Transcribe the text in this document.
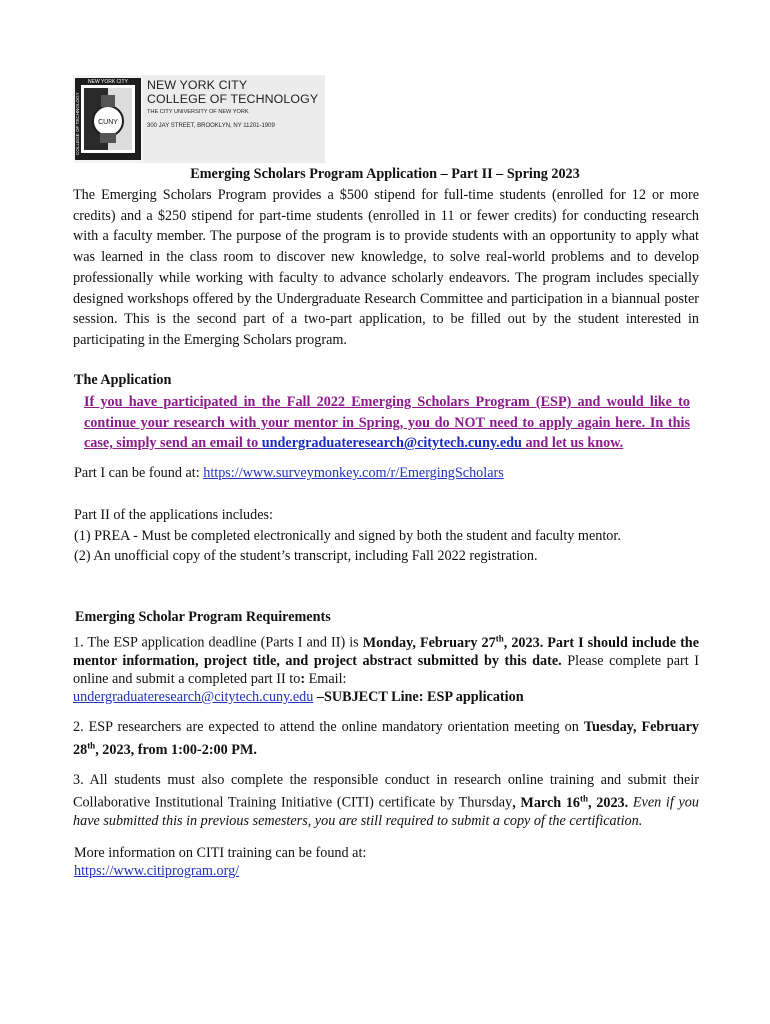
CUNY
NEW YORK CITY
COLLEGE OF TECHNOLOGY
NEW YORK CITY
COLLEGE OF TECHNOLOGY
THE CITY UNIVERSITY OF NEW YORK
300 JAY STREET, BROOKLYN, NY 11201-1909
Emerging Scholars Program Application – Part II – Spring 2023
The Emerging Scholars Program provides a $500 stipend for full-time students (enrolled for 12 or more credits) and a $250 stipend for part-time students (enrolled in 11 or fewer credits) for conducting research with a faculty member. The purpose of the program is to provide students with an opportunity to apply what was learned in the class room to discover new knowledge, to solve real-world problems and to develop professionally while working with faculty to advance scholarly endeavors. The program includes specially designed workshops offered by the Undergraduate Research Committee and participation in a biannual poster session. This is the second part of a two-part application, to be filled out by the student interested in participating in the Emerging Scholars program.
The Application
If you have participated in the Fall 2022 Emerging Scholars Program (ESP) and would like to continue your research with your mentor in Spring, you do NOT need to apply again here. In this case, simply send an email to undergraduateresearch@citytech.cuny.edu and let us know.
Part I can be found at: https://www.surveymonkey.com/r/EmergingScholars
Part II of the applications includes:
(1) PREA - Must be completed electronically and signed by both the student and faculty mentor.
(2) An unofficial copy of the student’s transcript, including Fall 2022 registration.
Emerging Scholar Program Requirements
1. The ESP application deadline (Parts I and II) is Monday, February 27th, 2023. Part I should include the mentor information, project title, and project abstract submitted by this date. Please complete part I online and submit a completed part II to: Email:
undergraduateresearch@citytech.cuny.edu –SUBJECT Line: ESP application
2. ESP researchers are expected to attend the online mandatory orientation meeting on Tuesday, February 28th, 2023, from 1:00-2:00 PM.
3. All students must also complete the responsible conduct in research online training and submit their Collaborative Institutional Training Initiative (CITI) certificate by Thursday, March 16th, 2023. Even if you have submitted this in previous semesters, you are still required to submit a copy of the certification.
More information on CITI training can be found at:
https://www.citiprogram.org/
